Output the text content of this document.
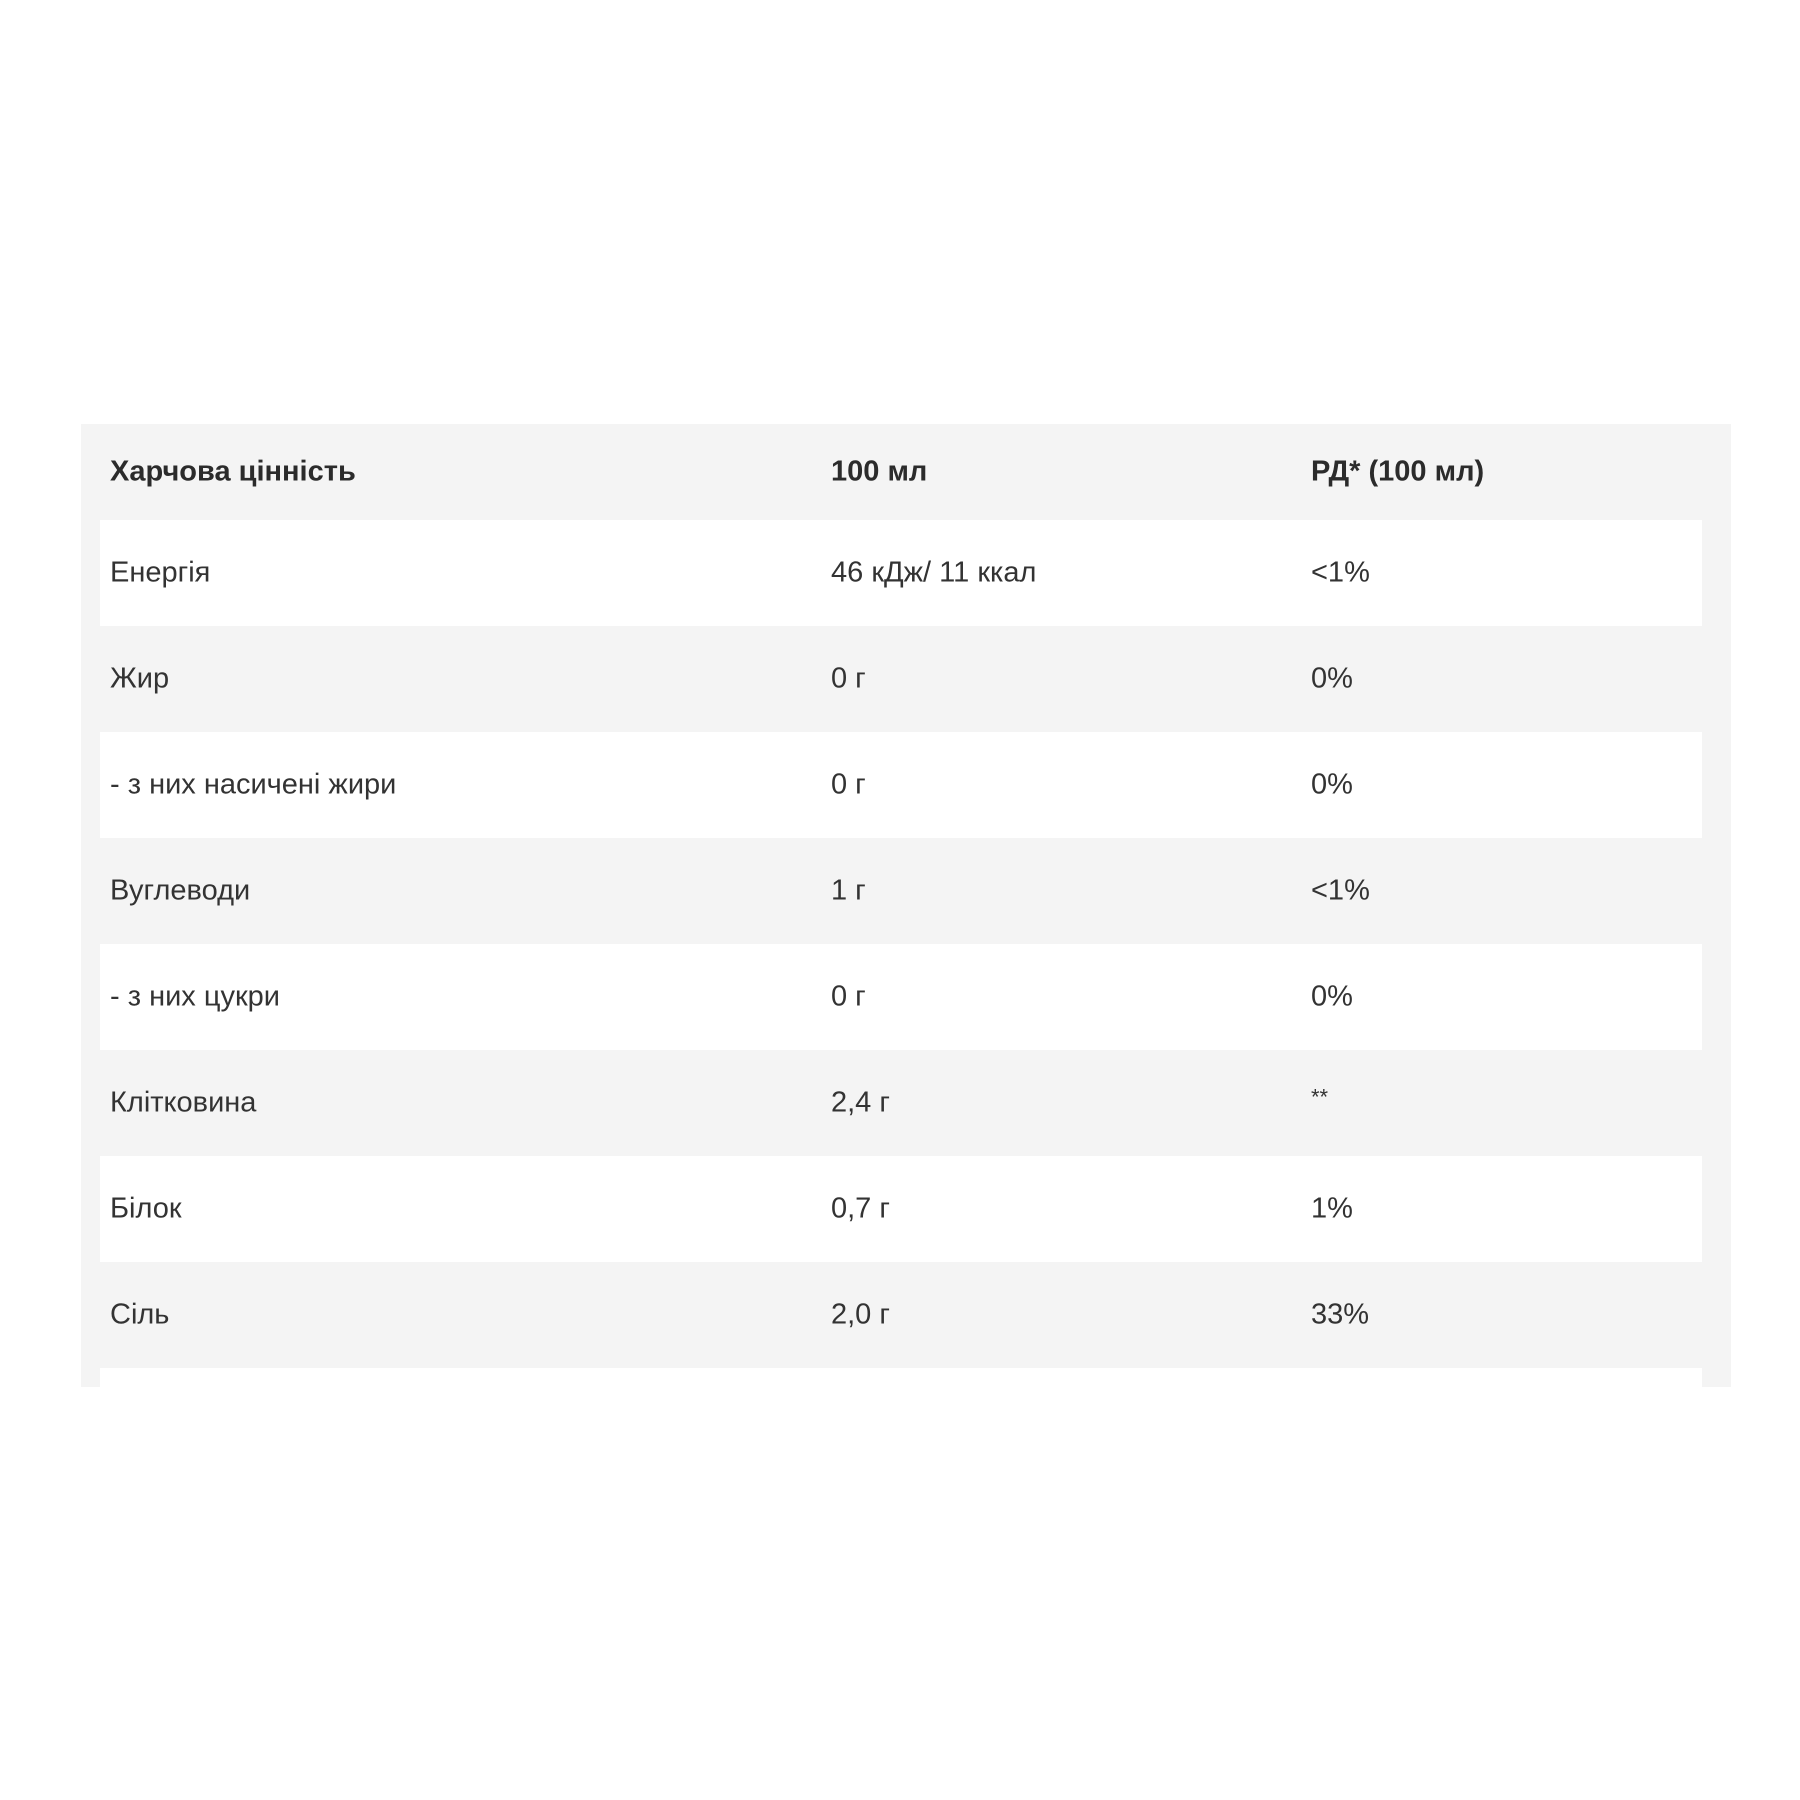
Харчова цінність	100 мл	РД* (100 мл)
Енергія	46 кДж/ 11 ккал	<1%
Жир	0 г	0%
- з них насичені жири	0 г	0%
Вуглеводи	1 г	<1%
- з них цукри	0 г	0%
Клітковина	2,4 г	**
Білок	0,7 г	1%
Сіль	2,0 г	33%
